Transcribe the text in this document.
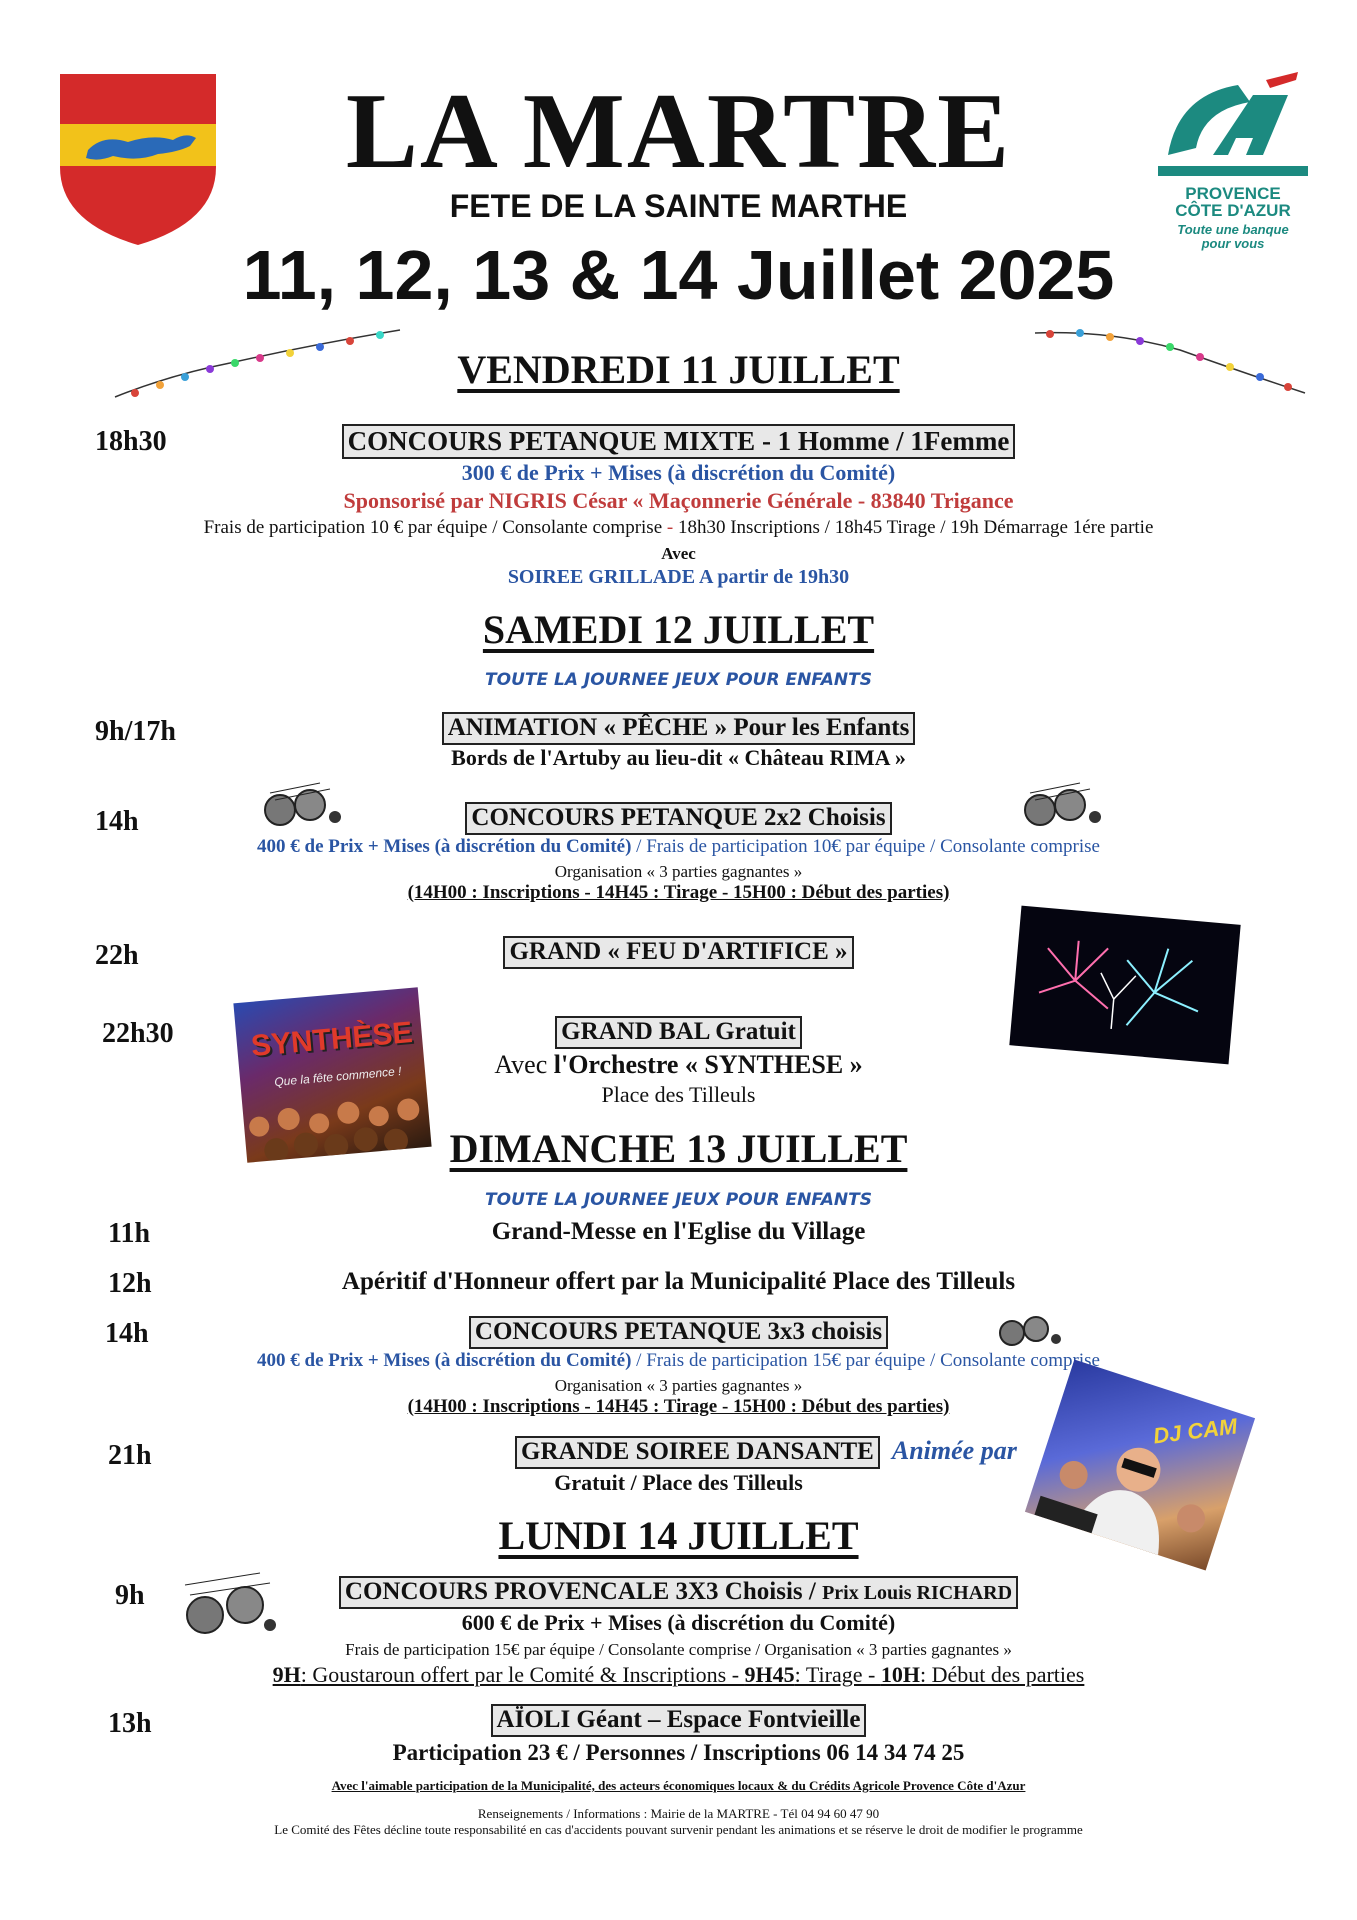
PROVENCE
CÔTE D'AZUR
Toute une banque
pour vous
LA MARTRE
FETE DE LA SAINTE MARTHE
11, 12, 13 & 14 Juillet 2025
VENDREDI 11 JUILLET
18h30	CONCOURS PETANQUE MIXTE - 1 Homme / 1Femme
300 € de Prix + Mises (à discrétion du Comité)
Sponsorisé par NIGRIS César « Maçonnerie Générale - 83840 Trigance
Frais de participation 10 € par équipe / Consolante comprise - 18h30 Inscriptions / 18h45 Tirage / 19h Démarrage 1ére partie
Avec
SOIREE GRILLADE A partir de 19h30
SAMEDI 12 JUILLET
TOUTE LA JOURNEE JEUX POUR ENFANTS
9h/17h	ANIMATION « PÊCHE » Pour les Enfants
Bords de l'Artuby au lieu-dit « Château RIMA »
14h	CONCOURS PETANQUE 2x2 Choisis
400 € de Prix + Mises (à discrétion du Comité) / Frais de participation 10€ par équipe / Consolante comprise
Organisation « 3 parties gagnantes »
(14H00 : Inscriptions - 14H45 : Tirage - 15H00 : Début des parties)
22h	GRAND « FEU D'ARTIFICE »
SYNTHÈSE
Que la fête commence !
22h30	GRAND BAL Gratuit
Avec l'Orchestre « SYNTHESE »
Place des Tilleuls
DIMANCHE 13 JUILLET
TOUTE LA JOURNEE JEUX POUR ENFANTS
11h	Grand-Messe en l'Eglise du Village
12h	Apéritif d'Honneur offert par la Municipalité Place des Tilleuls
14h	CONCOURS PETANQUE 3x3 choisis
400 € de Prix + Mises (à discrétion du Comité) / Frais de participation 15€ par équipe / Consolante comprise
Organisation « 3 parties gagnantes »
(14H00 : Inscriptions - 14H45 : Tirage - 15H00 : Début des parties)
DJ CAM
21h	GRANDE SOIREE DANSANTE Animée par
Gratuit / Place des Tilleuls
LUNDI 14 JUILLET
9h	CONCOURS PROVENCALE 3X3 Choisis / Prix Louis RICHARD
600 € de Prix + Mises (à discrétion du Comité)
Frais de participation 15€ par équipe / Consolante comprise / Organisation « 3 parties gagnantes »
9H: Goustaroun offert par le Comité & Inscriptions - 9H45: Tirage - 10H: Début des parties
13h	AÏOLI Géant – Espace Fontvieille
Participation 23 € / Personnes / Inscriptions 06 14 34 74 25
Avec l'aimable participation de la Municipalité, des acteurs économiques locaux & du Crédits Agricole Provence Côte d'Azur
Renseignements / Informations : Mairie de la MARTRE - Tél 04 94 60 47 90
Le Comité des Fêtes décline toute responsabilité en cas d'accidents pouvant survenir pendant les animations et se réserve le droit de modifier le programme
